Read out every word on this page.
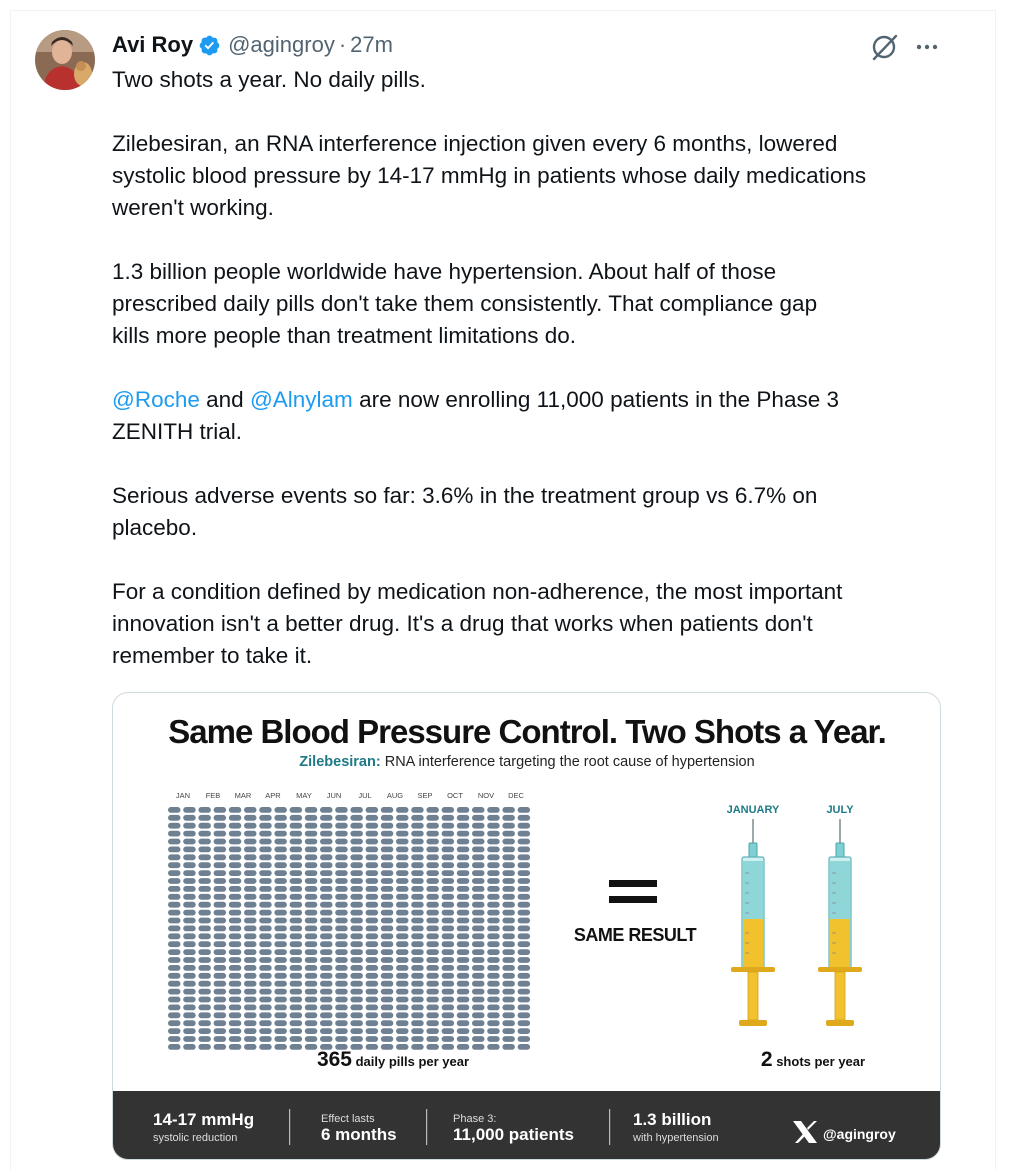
Avi Roy @agingroy · 27m

Two shots a year. No daily pills.

Zilebesiran, an RNA interference injection given every 6 months, lowered

systolic blood pressure by 14-17 mmHg in patients whose daily medications

weren't working.

1.3 billion people worldwide have hypertension. About half of those

prescribed daily pills don't take them consistently. That compliance gap

kills more people than treatment limitations do.

@Roche and @Alnylam are now enrolling 11,000 patients in the Phase 3

ZENITH trial.

Serious adverse events so far: 3.6% in the treatment group vs 6.7% on

placebo.

For a condition defined by medication non-adherence, the most important

innovation isn't a better drug. It's a drug that works when patients don't

remember to take it.

Same Blood Pressure Control. Two Shots a Year.
Zilebesiran: RNA interference targeting the root cause of hypertension
JAN FEB MAR APR MAY JUN JUL AUG SEP OCT NOV DEC
365 daily pills per year
SAME RESULT
JANUARY	JULY
2 shots per year
14-17 mmHg
systolic reduction
Effect lasts
6 months
Phase 3:
11,000 patients
1.3 billion
with hypertension	@agingroy
